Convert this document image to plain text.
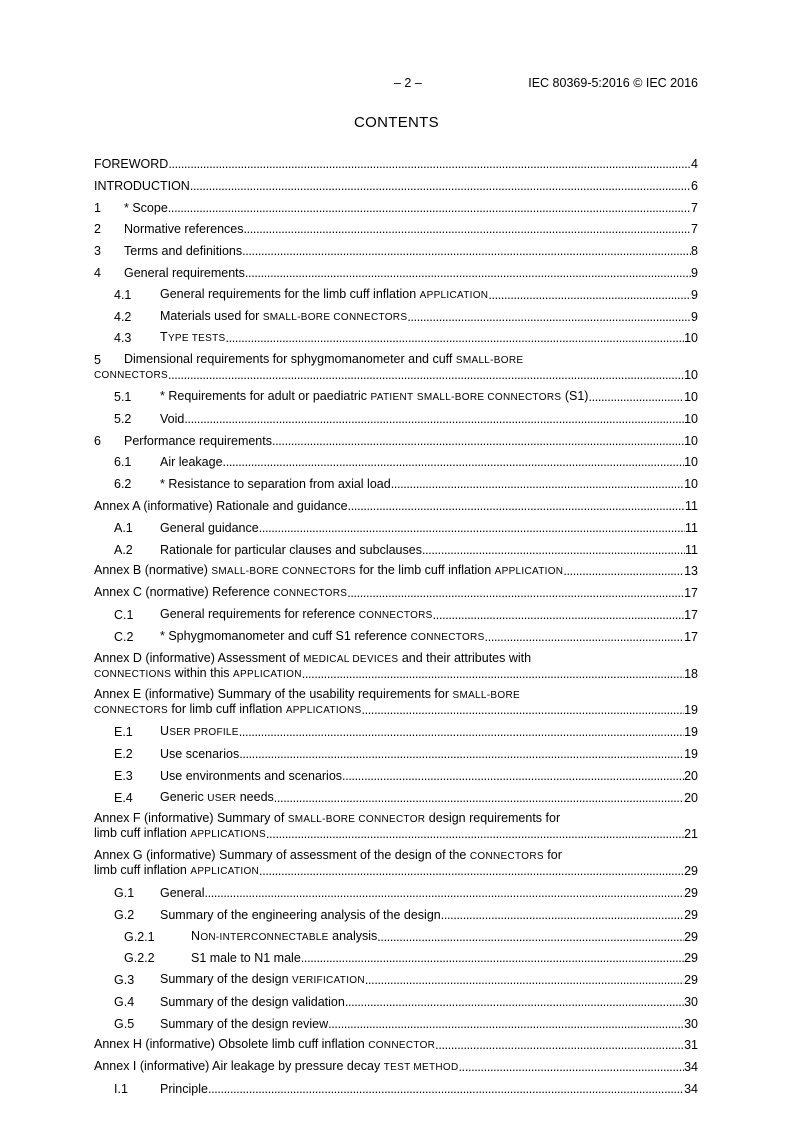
– 2 –	IEC 80369-5:2016 © IEC 2016
CONTENTS
FOREWORD . . .	4
INTRODUCTION . . .	6
1	* Scope . . .	7
2	Normative references . . .	7
3	Terms and definitions . . .	8
4	General requirements . . .	9
4.1	General requirements for the limb cuff inflation APPLICATION . . .	9
4.2	Materials used for SMALL-BORE CONNECTORS . . .	9
4.3	TYPE TESTS . . .	10
5	Dimensional requirements for sphygmomanometer and cuff SMALL-BORE
CONNECTORS . . .	10
5.1	* Requirements for adult or paediatric PATIENT SMALL-BORE CONNECTORS (S1) . . .	10
5.2	Void . . .	10
6	Performance requirements . . .	10
6.1	Air leakage . . .	10
6.2	* Resistance to separation from axial load . . .	10
Annex A (informative) Rationale and guidance . . .	11
A.1	General guidance . . .	11
A.2	Rationale for particular clauses and subclauses . . .	11
Annex B (normative) SMALL-BORE CONNECTORS for the limb cuff inflation APPLICATION . . .	13
Annex C (normative) Reference CONNECTORS . . .	17
C.1	General requirements for reference CONNECTORS . . .	17
C.2	* Sphygmomanometer and cuff S1 reference CONNECTORS . . .	17
Annex D (informative) Assessment of MEDICAL DEVICES and their attributes with
CONNECTIONS within this APPLICATION . . .	18
Annex E (informative) Summary of the usability requirements for SMALL-BORE
CONNECTORS for limb cuff inflation APPLICATIONS . . .	19
E.1	USER PROFILE . . .	19
E.2	Use scenarios . . .	19
E.3	Use environments and scenarios . . .	20
E.4	Generic USER needs . . .	20
Annex F (informative) Summary of SMALL-BORE CONNECTOR design requirements for
limb cuff inflation APPLICATIONS . . .	21
Annex G (informative) Summary of assessment of the design of the CONNECTORS for
limb cuff inflation APPLICATION . . .	29
G.1	General . . .	29
G.2	Summary of the engineering analysis of the design . . .	29
G.2.1	NON-INTERCONNECTABLE analysis . . .	29
G.2.2	S1 male to N1 male . . .	29
G.3	Summary of the design VERIFICATION . . .	29
G.4	Summary of the design validation . . .	30
G.5	Summary of the design review . . .	30
Annex H (informative) Obsolete limb cuff inflation CONNECTOR . . .	31
Annex I (informative) Air leakage by pressure decay TEST METHOD . . .	34
I.1	Principle . . .	34
